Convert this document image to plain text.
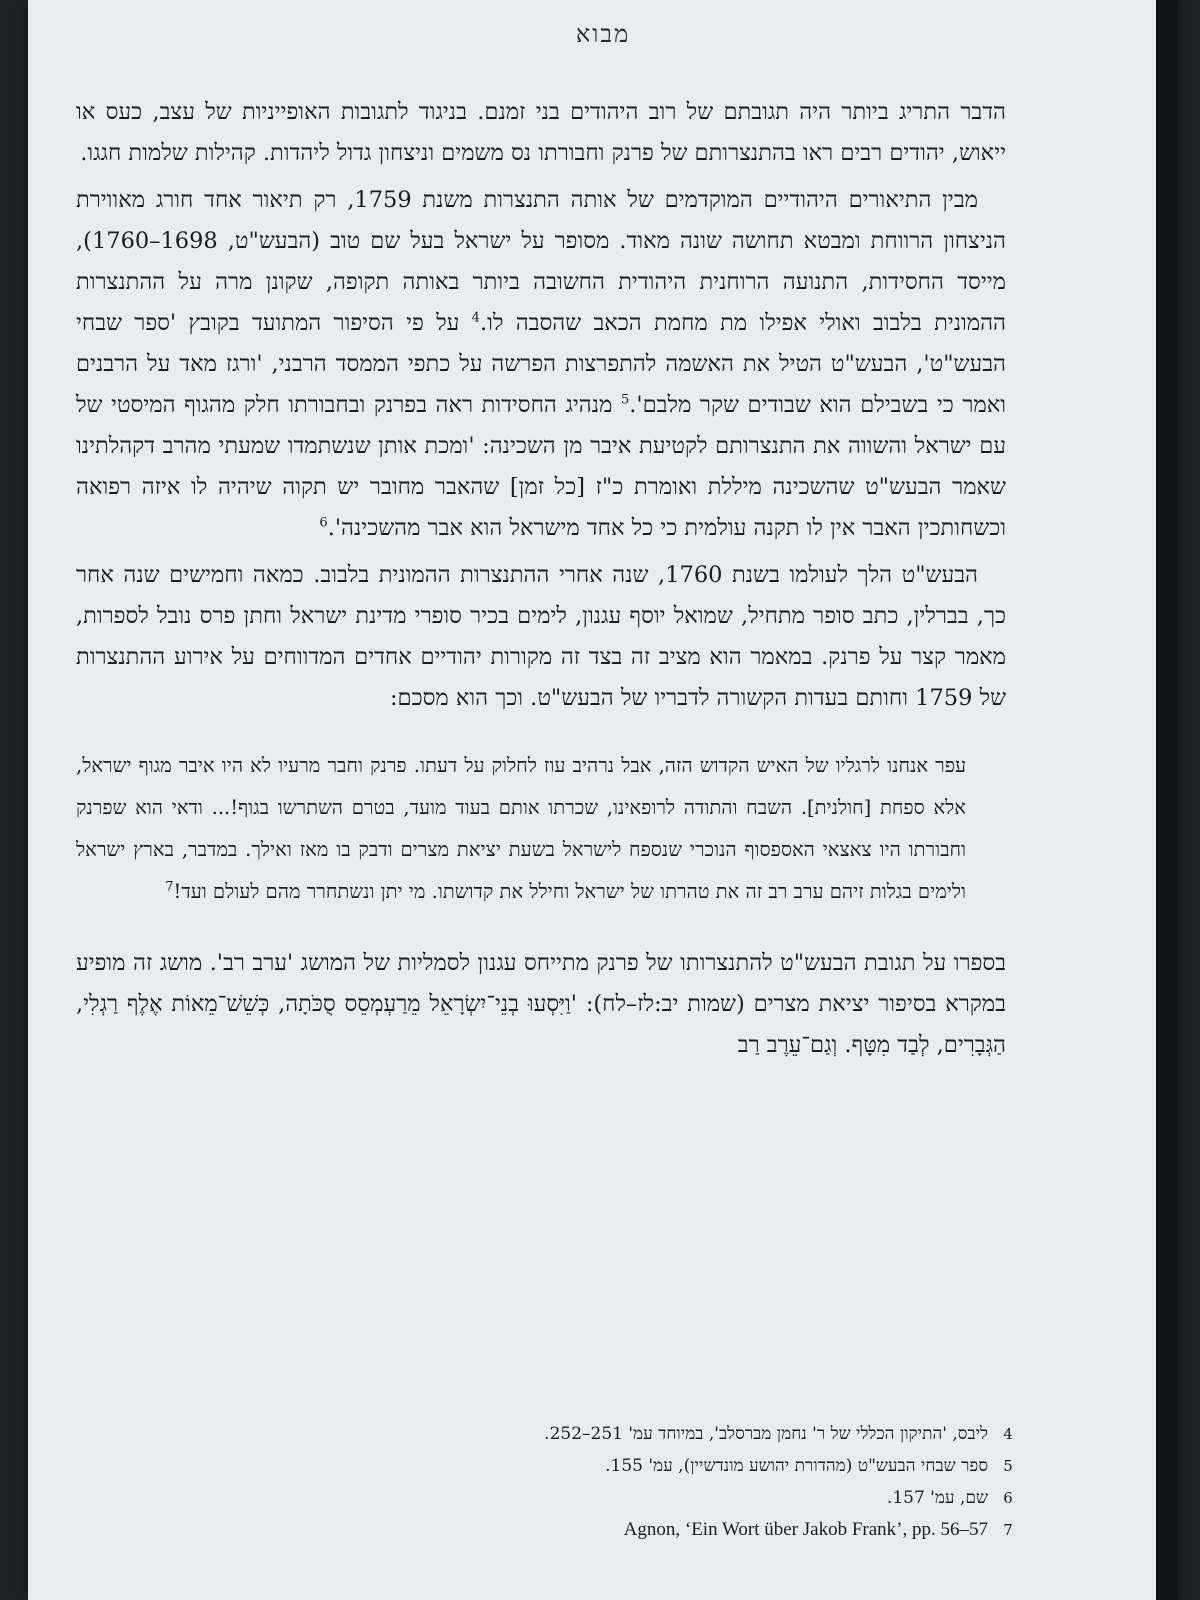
מבוא

הדבר התריג ביותר היה תגובתם של רוב היהודים בני זמנם. בניגוד לתגובות האופייניות של עצב, כעס או ייאוש, יהודים רבים ראו בהתנצרותם של פרנק וחבורתו נס משמים וניצחון גדול ליהדות. קהילות שלמות חגגו.

מבין התיאורים היהודיים המוקדמים של אותה התנצרות משנת 1759, רק תיאור אחד חורג מאווירת הניצחון הרווחת ומבטא תחושה שונה מאוד. מסופר על ישראל בעל שם טוב (הבעש"ט, 1698–1760), מייסד החסידות, התנועה הרוחנית היהודית החשובה ביותר באותה תקופה, שקונן מרה על ההתנצרות ההמונית בלבוב ואולי אפילו מת מחמת הכאב שהסבה לו.$^4$ על פי הסיפור המתועד בקובץ 'ספר שבחי הבעש"ט', הבעש"ט הטיל את האשמה להתפרצות הפרשה על כתפי הממסד הרבני, 'ורגז מאד על הרבנים ואמר כי בשבילם הוא שבודים שקר מלבם'.$^5$ מנהיג החסידות ראה בפרנק ובחבורתו חלק מהגוף המיסטי של עם ישראל והשווה את התנצרותם לקטיעת איבר מן השכינה: 'ומכת אותן שנשתמדו שמעתי מהרב דקהלתינו שאמר הבעש"ט שהשכינה מיללת ואומרת כ"ז [כל זמן] שהאבר מחובר יש תקוה שיהיה לו איזה רפואה וכשחותכין האבר אין לו תקנה עולמית כי כל אחד מישראל הוא אבר מהשכינה'.$^6$

הבעש"ט הלך לעולמו בשנת 1760, שנה אחרי ההתנצרות ההמונית בלבוב. כמאה וחמישים שנה אחר כך, בברלין, כתב סופר מתחיל, שמואל יוסף עגנון, לימים בכיר סופרי מדינת ישראל וחתן פרס נובל לספרות, מאמר קצר על פרנק. במאמר הוא מציב זה בצד זה מקורות יהודיים אחדים המדווחים על אירוע ההתנצרות של 1759 וחותם בעדות הקשורה לדבריו של הבעש"ט. וכך הוא מסכם:

עפר אנחנו לרגליו של האיש הקדוש הזה, אבל נרהיב עוז לחלוק על דעתו. פרנק וחבר מרעיו לא היו איבר מגוף ישראל, אלא ספחת [חולנית]. השבח והתודה לרופאינו, שכרתו אותם בעוד מועד, בטרם השתרשו בגוף!... ודאי הוא שפרנק וחבורתו היו צאצאי האספסוף הנוכרי שנספח לישראל בשעת יציאת מצרים ודבק בו מאז ואילך. במדבר, בארץ ישראל ולימים בגלות זיהם ערב רב זה את טהרתו של ישראל וחילל את קדושתו. מי יתן ונשתחרר מהם לעולם ועד!$^7$

בספרו על תגובת הבעש"ט להתנצרותו של פרנק מתייחס עגנון לסמליות של המושג 'ערב רב'. מושג זה מופיע במקרא בסיפור יציאת מצרים (שמות יב:לז–לח): 'וַיִּסְעוּ בְנֵי־יִשְׂרָאֵל מֵרַעְמְסֵס סֻכֹּתָה, כְּשֵׁשׁ־מֵאוֹת אֶלֶף רַגְלִי, הַגְּבָרִים, לְבַד מִטָּף. וְגַם־עֵרֶב רַב

4
ליבס, 'התיקון הכללי של ר' נחמן מברסלב', במיוחד עמ' 251–252.
5
ספר שבחי הבעש"ט (מהדורת יהושע מונדשיין), עמ' 155.
6
שם, עמ' 157.
7
Agnon, ‘Ein Wort über Jakob Frank’, pp. 56–57
